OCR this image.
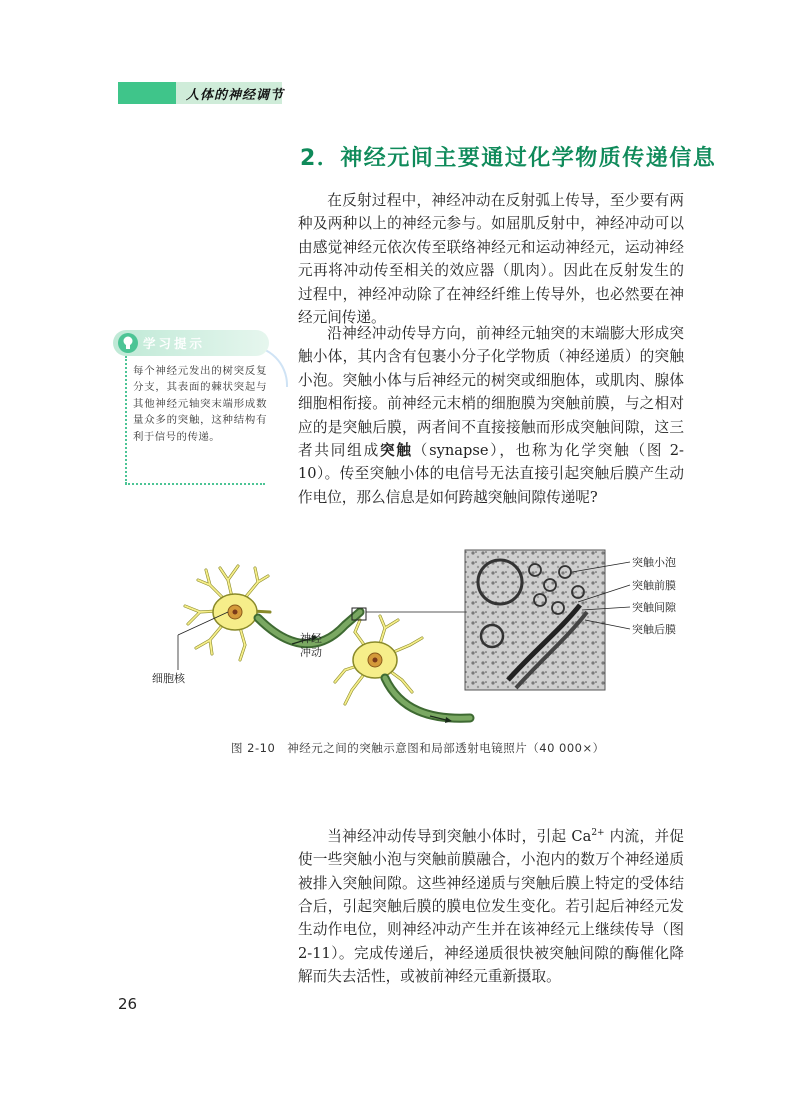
人体的神经调节
2．神经元间主要通过化学物质传递信息

在反射过程中，神经冲动在反射弧上传导，至少要有两种及两种以上的神经元参与。如屈肌反射中，神经冲动可以由感觉神经元依次传至联络神经元和运动神经元，运动神经元再将冲动传至相关的效应器（肌肉）。因此在反射发生的过程中，神经冲动除了在神经纤维上传导外，也必然要在神经元间传递。

沿神经冲动传导方向，前神经元轴突的末端膨大形成突触小体，其内含有包裹小分子化学物质（神经递质）的突触小泡。突触小体与后神经元的树突或细胞体，或肌肉、腺体细胞相衔接。前神经元末梢的细胞膜为突触前膜，与之相对应的是突触后膜，两者间不直接接触而形成突触间隙，这三者共同组成突触（synapse），也称为化学突触（图 2-10）。传至突触小体的电信号无法直接引起突触后膜产生动作电位，那么信息是如何跨越突触间隙传递呢?

学习提示
每个神经元发出的树突反复分支，其表面的棘状突起与其他神经元轴突末端形成数量众多的突触，这种结构有利于信号的传递。
突触小泡
突触前膜
突触间隙
突触后膜
细胞核
神经
冲动
图 2-10　神经元之间的突触示意图和局部透射电镜照片（40 000×）

当神经冲动传导到突触小体时，引起 $Ca^{2+}$ 内流，并促使一些突触小泡与突触前膜融合，小泡内的数万个神经递质被排入突触间隙。这些神经递质与突触后膜上特定的受体结合后，引起突触后膜的膜电位发生变化。若引起后神经元发生动作电位，则神经冲动产生并在该神经元上继续传导（图 2-11）。完成传递后，神经递质很快被突触间隙的酶催化降解而失去活性，或被前神经元重新摄取。

26
